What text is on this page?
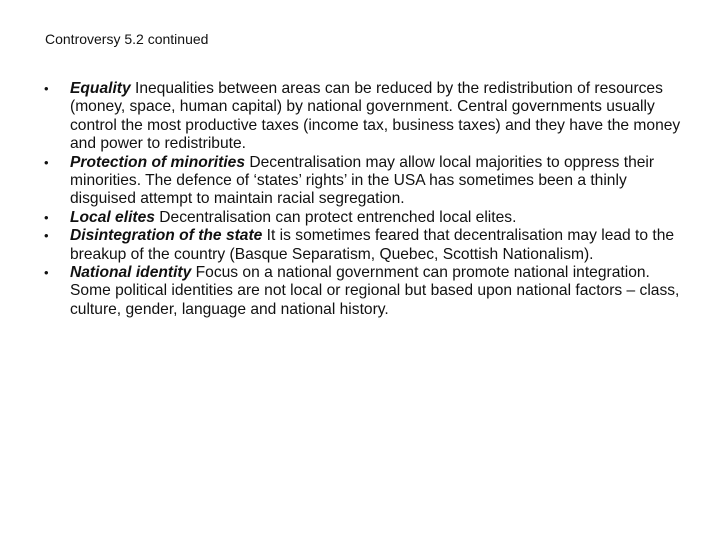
Controversy 5.2 continued
• Equality Inequalities between areas can be reduced by the redistribution of resources (money, space, human capital) by national government. Central governments usually control the most productive taxes (income tax, business taxes) and they have the money and power to redistribute.
• Protection of minorities Decentralisation may allow local majorities to oppress their minorities. The defence of ‘states’ rights’ in the USA has sometimes been a thinly disguised attempt to maintain racial segregation.
• Local elites Decentralisation can protect entrenched local elites.
• Disintegration of the state It is sometimes feared that decentralisation may lead to the breakup of the country (Basque Separatism, Quebec, Scottish Nationalism).
• National identity Focus on a national government can promote national integration. Some political identities are not local or regional but based upon national factors – class, culture, gender, language and national history.
